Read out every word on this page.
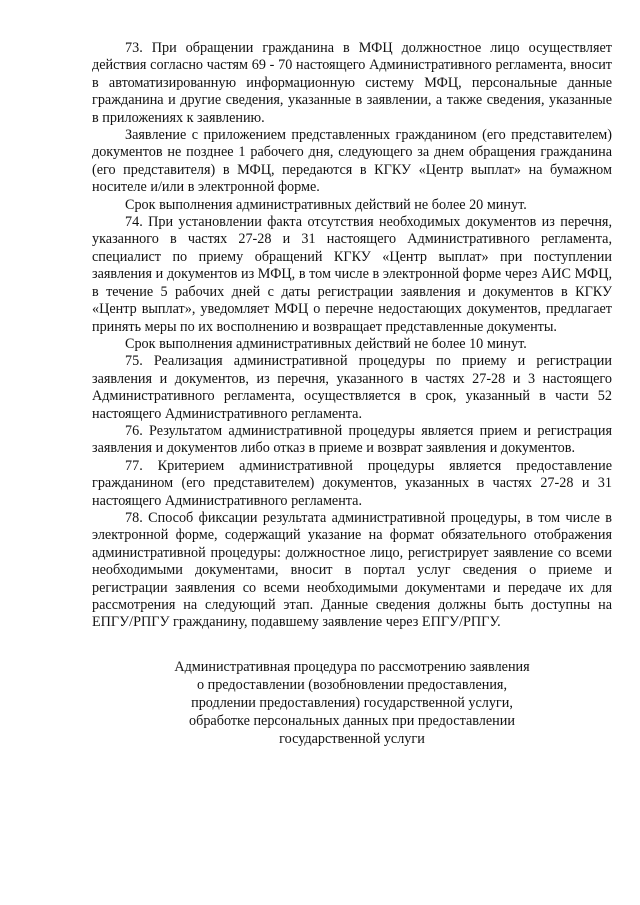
73. При обращении гражданина в МФЦ должностное лицо осуществляет действия согласно частям 69 - 70 настоящего Административного регламента, вносит в автоматизированную информационную систему МФЦ, персональные данные гражданина и другие сведения, указанные в заявлении, а также сведения, указанные в приложениях к заявлению.

Заявление с приложением представленных гражданином (его представителем) документов не позднее 1 рабочего дня, следующего за днем обращения гражданина (его представителя) в МФЦ, передаются в КГКУ «Центр выплат» на бумажном носителе и/или в электронной форме.

Срок выполнения административных действий не более 20 минут.

74. При установлении факта отсутствия необходимых документов из перечня, указанного в частях 27-28 и 31 настоящего Административного регламента, специалист по приему обращений КГКУ «Центр выплат» при поступлении заявления и документов из МФЦ, в том числе в электронной форме через АИС МФЦ, в течение 5 рабочих дней с даты регистрации заявления и документов в КГКУ «Центр выплат», уведомляет МФЦ о перечне недостающих документов, предлагает принять меры по их восполнению и возвращает представленные документы.

Срок выполнения административных действий не более 10 минут.

75. Реализация административной процедуры по приему и регистрации заявления и документов, из перечня, указанного в частях 27-28 и 3 настоящего Административного регламента, осуществляется в срок, указанный в части 52 настоящего Административного регламента.

76. Результатом административной процедуры является прием и регистрация заявления и документов либо отказ в приеме и возврат заявления и документов.

77. Критерием административной процедуры является предоставление гражданином (его представителем) документов, указанных в частях 27-28 и 31 настоящего Административного регламента.

78. Способ фиксации результата административной процедуры, в том числе в электронной форме, содержащий указание на формат обязательного отображения административной процедуры: должностное лицо, регистрирует заявление со всеми необходимыми документами, вносит в портал услуг сведения о приеме и регистрации заявления со всеми необходимыми документами и передаче их для рассмотрения на следующий этап. Данные сведения должны быть доступны на ЕПГУ/РПГУ гражданину, подавшему заявление через ЕПГУ/РПГУ.

Административная процедура по рассмотрению заявления
о предоставлении (возобновлении предоставления,
продлении предоставления) государственной услуги,
обработке персональных данных при предоставлении
государственной услуги
